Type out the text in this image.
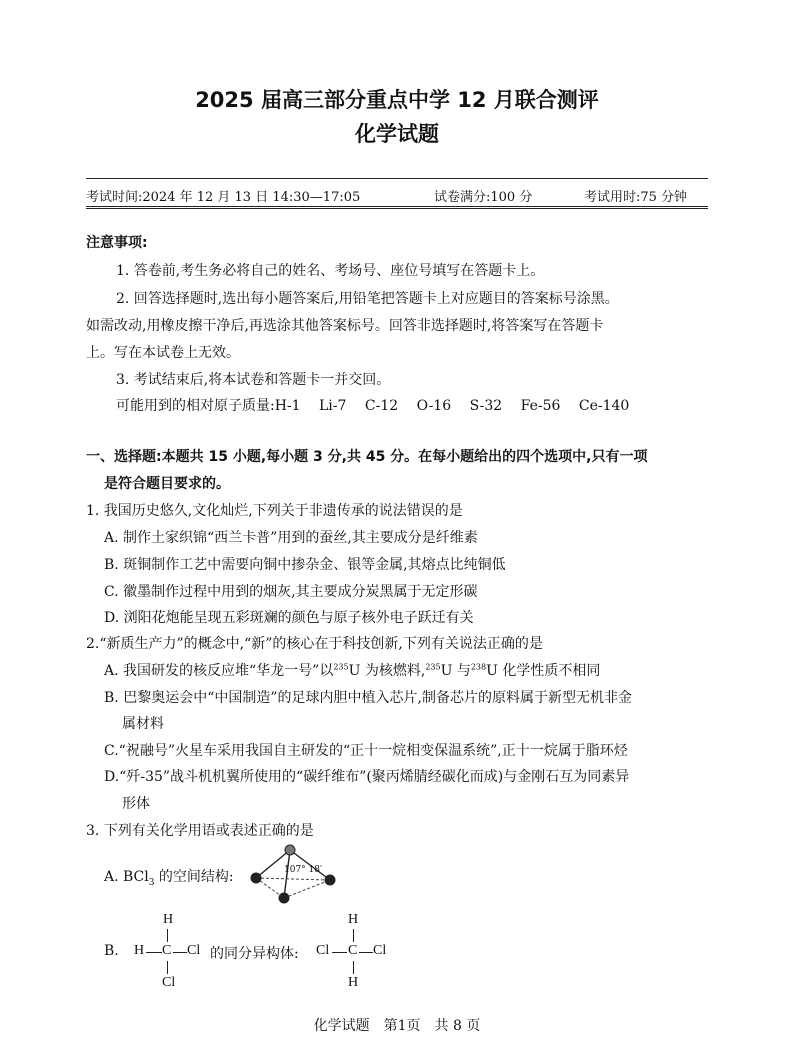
2025 届高三部分重点中学 12 月联合测评
化学试题
考试时间:2024 年 12 月 13 日 14:30—17:05	试卷满分:100 分	考试用时:75 分钟
注意事项:
1. 答卷前,考生务必将自己的姓名、考场号、座位号填写在答题卡上。
2. 回答选择题时,选出每小题答案后,用铅笔把答题卡上对应题目的答案标号涂黑。
如需改动,用橡皮擦干净后,再选涂其他答案标号。回答非选择题时,将答案写在答题卡
上。写在本试卷上无效。
3. 考试结束后,将本试卷和答题卡一并交回。
可能用到的相对原子质量:H-1　 Li-7　 C-12　 O-16　 S-32　 Fe-56　 Ce-140
一、选择题:本题共 15 小题,每小题 3 分,共 45 分。在每小题给出的四个选项中,只有一项
是符合题目要求的。
1. 我国历史悠久,文化灿烂,下列关于非遗传承的说法错误的是
A. 制作土家织锦“西兰卡普”用到的蚕丝,其主要成分是纤维素
B. 斑铜制作工艺中需要向铜中掺杂金、银等金属,其熔点比纯铜低
C. 徽墨制作过程中用到的烟灰,其主要成分炭黑属于无定形碳
D. 浏阳花炮能呈现五彩斑斓的颜色与原子核外电子跃迁有关
2.“新质生产力”的概念中,“新”的核心在于科技创新,下列有关说法正确的是
A. 我国研发的核反应堆“华龙一号”以$^{235}$U 为核燃料,$^{235}$U 与$^{238}$U 化学性质不相同
B. 巴黎奥运会中“中国制造”的足球内胆中植入芯片,制备芯片的原料属于新型无机非金
属材料
C.“祝融号”火星车采用我国自主研发的“正十一烷相变保温系统”,正十一烷属于脂环烃
D.“歼-35”战斗机机翼所使用的“碳纤维布”(聚丙烯腈经碳化而成)与金刚石互为同素异
形体
3. 下列有关化学用语或表述正确的是
A. BCl$_3$ 的空间结构:	107° 18′
B.
H
H C Cl
Cl
的同分异构体:
H
Cl C Cl
H
化学试题　第1页　共 8 页
